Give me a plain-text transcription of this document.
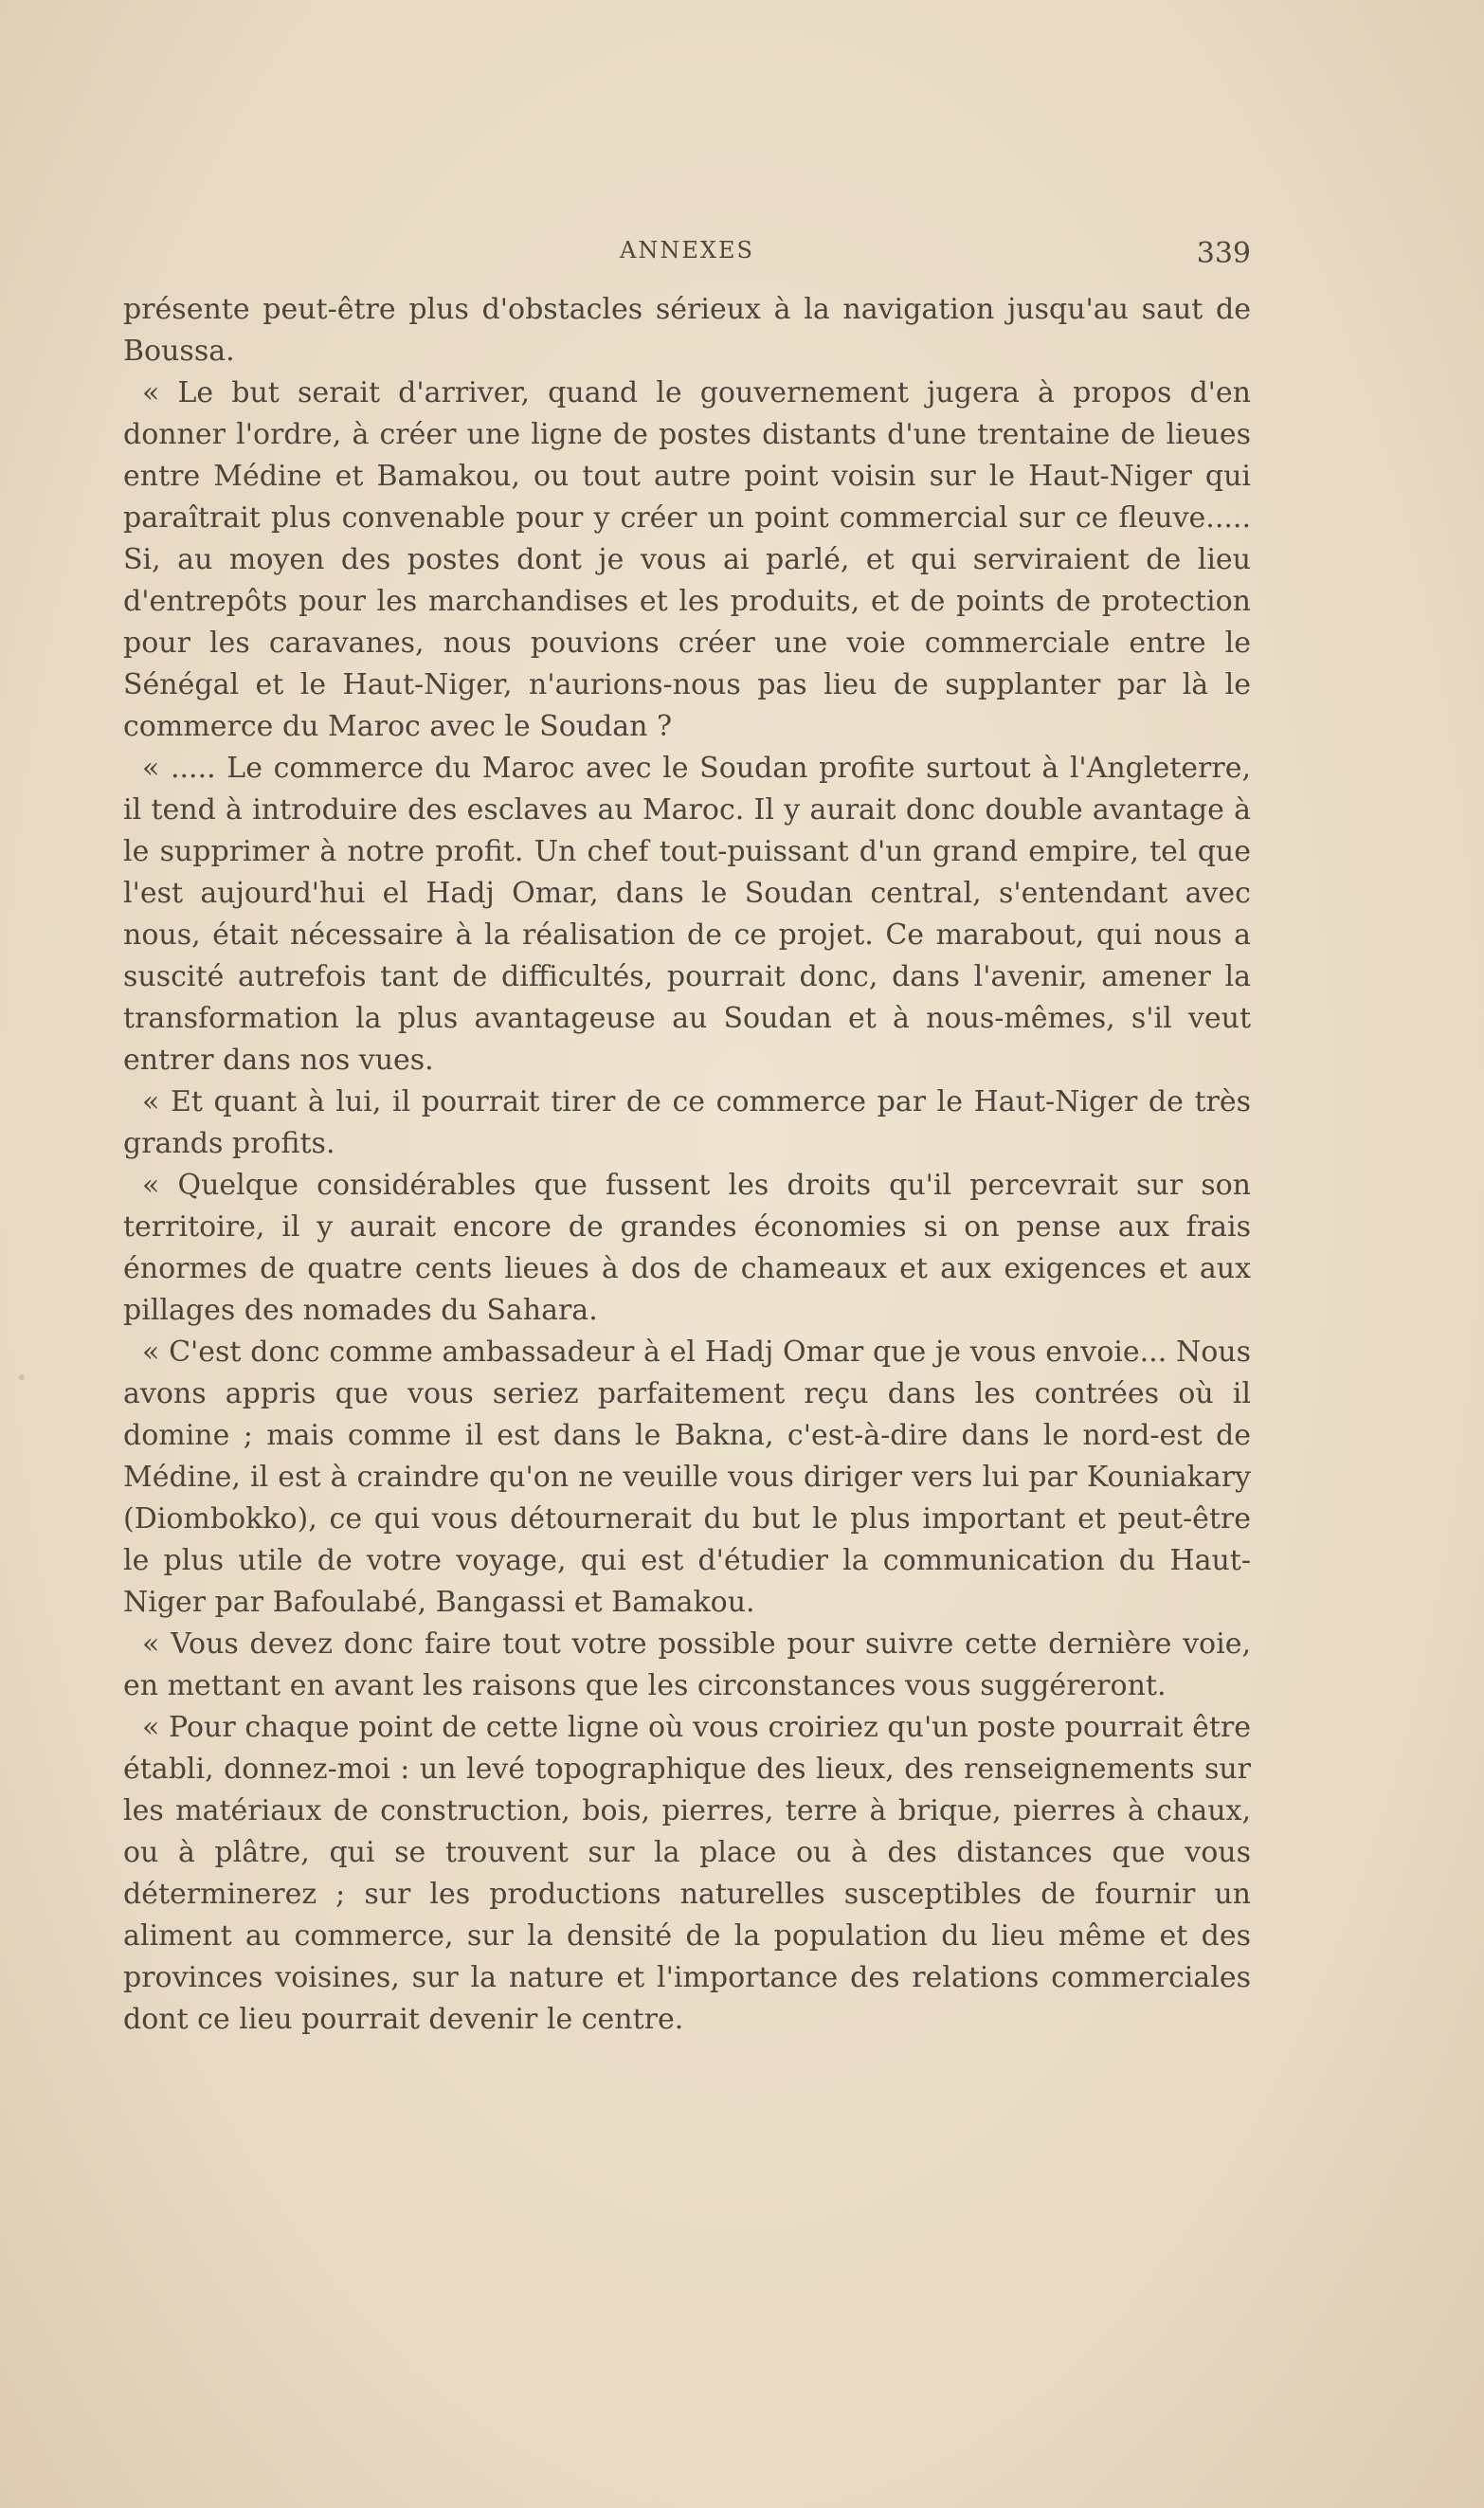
ANNEXES	339

présente peut-être plus d'obstacles sérieux à la navigation jusqu'au saut de Boussa.

« Le but serait d'arriver, quand le gouvernement jugera à propos d'en donner l'ordre, à créer une ligne de postes distants d'une trentaine de lieues entre Médine et Bamakou, ou tout autre point voisin sur le Haut-Niger qui paraîtrait plus convenable pour y créer un point commercial sur ce fleuve..... Si, au moyen des postes dont je vous ai parlé, et qui serviraient de lieu d'entrepôts pour les marchandises et les produits, et de points de protection pour les caravanes, nous pouvions créer une voie commerciale entre le Sénégal et le Haut-Niger, n'aurions-nous pas lieu de supplanter par là le commerce du Maroc avec le Soudan ?

« ..... Le commerce du Maroc avec le Soudan profite surtout à l'Angleterre, il tend à introduire des esclaves au Maroc. Il y aurait donc double avantage à le supprimer à notre profit. Un chef tout-puissant d'un grand empire, tel que l'est aujourd'hui el Hadj Omar, dans le Soudan central, s'entendant avec nous, était nécessaire à la réalisation de ce projet. Ce marabout, qui nous a suscité autrefois tant de difficultés, pourrait donc, dans l'avenir, amener la transformation la plus avantageuse au Soudan et à nous-mêmes, s'il veut entrer dans nos vues.

« Et quant à lui, il pourrait tirer de ce commerce par le Haut-Niger de très grands profits.

« Quelque considérables que fussent les droits qu'il percevrait sur son territoire, il y aurait encore de grandes économies si on pense aux frais énormes de quatre cents lieues à dos de chameaux et aux exigences et aux pillages des nomades du Sahara.

« C'est donc comme ambassadeur à el Hadj Omar que je vous envoie... Nous avons appris que vous seriez parfaitement reçu dans les contrées où il domine ; mais comme il est dans le Bakna, c'est-à-dire dans le nord-est de Médine, il est à craindre qu'on ne veuille vous diriger vers lui par Kouniakary (Diombokko), ce qui vous détournerait du but le plus important et peut-être le plus utile de votre voyage, qui est d'étudier la communication du Haut-Niger par Bafoulabé, Bangassi et Bamakou.

« Vous devez donc faire tout votre possible pour suivre cette dernière voie, en mettant en avant les raisons que les circonstances vous suggéreront.

« Pour chaque point de cette ligne où vous croiriez qu'un poste pourrait être établi, donnez-moi : un levé topographique des lieux, des renseignements sur les matériaux de construction, bois, pierres, terre à brique, pierres à chaux, ou à plâtre, qui se trouvent sur la place ou à des distances que vous déterminerez ; sur les productions naturelles susceptibles de fournir un aliment au commerce, sur la densité de la population du lieu même et des provinces voisines, sur la nature et l'importance des relations commerciales dont ce lieu pourrait devenir le centre.
